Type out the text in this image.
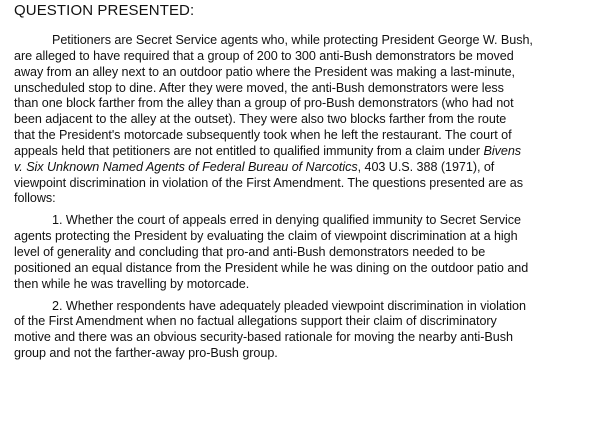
QUESTION PRESENTED:

Petitioners are Secret Service agents who, while protecting President George W. Bush,
are alleged to have required that a group of 200 to 300 anti-Bush demonstrators be moved
away from an alley next to an outdoor patio where the President was making a last-minute,
unscheduled stop to dine. After they were moved, the anti-Bush demonstrators were less
than one block farther from the alley than a group of pro-Bush demonstrators (who had not
been adjacent to the alley at the outset). They were also two blocks farther from the route
that the President's motorcade subsequently took when he left the restaurant. The court of
appeals held that petitioners are not entitled to qualified immunity from a claim under Bivens
v. Six Unknown Named Agents of Federal Bureau of Narcotics, 403 U.S. 388 (1971), of
viewpoint discrimination in violation of the First Amendment. The questions presented are as
follows:

1. Whether the court of appeals erred in denying qualified immunity to Secret Service
agents protecting the President by evaluating the claim of viewpoint discrimination at a high
level of generality and concluding that pro-and anti-Bush demonstrators needed to be
positioned an equal distance from the President while he was dining on the outdoor patio and
then while he was travelling by motorcade.

2. Whether respondents have adequately pleaded viewpoint discrimination in violation
of the First Amendment when no factual allegations support their claim of discriminatory
motive and there was an obvious security-based rationale for moving the nearby anti-Bush
group and not the farther-away pro-Bush group.
